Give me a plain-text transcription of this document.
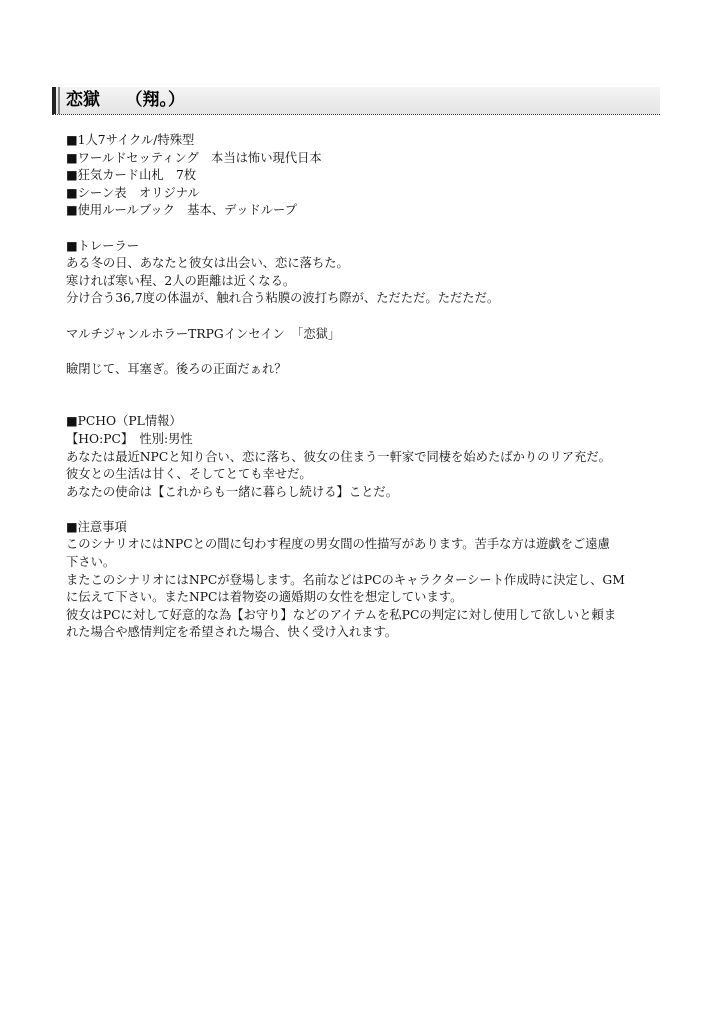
恋獄　　（翔。）
■1人7サイクル/特殊型
■ワールドセッティング　本当は怖い現代日本
■狂気カード山札　7枚
■シーン表　オリジナル
■使用ルールブック　基本、デッドループ
■トレーラー
ある冬の日、あなたと彼女は出会い、恋に落ちた。
寒ければ寒い程、2人の距離は近くなる。
分け合う36,7度の体温が、触れ合う粘膜の波打ち際が、ただただ。ただただ。
マルチジャンルホラーTRPGインセイン　「恋獄」
瞼閉じて、耳塞ぎ。後ろの正面だぁれ？
■PCHO（PL情報）
【HO:PC】　性別:男性
あなたは最近NPCと知り合い、恋に落ち、彼女の住まう一軒家で同棲を始めたばかりのリア充だ。
彼女との生活は甘く、そしてとても幸せだ。
あなたの使命は【これからも一緒に暮らし続ける】ことだ。
■注意事項
このシナリオにはNPCとの間に匂わす程度の男女間の性描写があります。苦手な方は遊戯をご遠慮
下さい。
またこのシナリオにはNPCが登場します。名前などはPCのキャラクターシート作成時に決定し、GM
に伝えて下さい。またNPCは着物姿の適婚期の女性を想定しています。
彼女はPCに対して好意的な為【お守り】などのアイテムを私PCの判定に対し使用して欲しいと頼ま
れた場合や感情判定を希望された場合、快く受け入れます。
